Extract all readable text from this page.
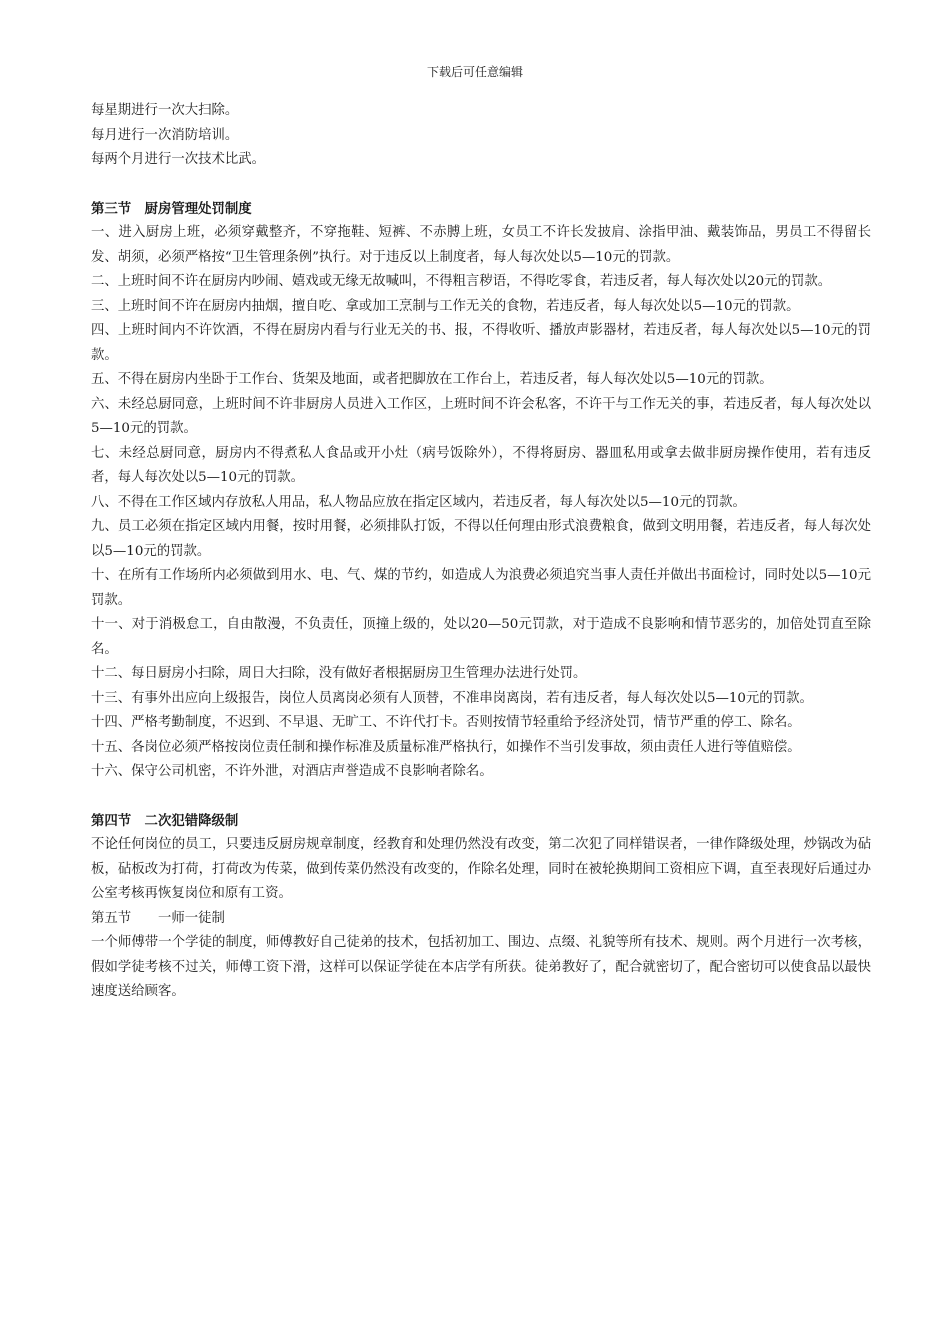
下载后可任意编辑

每星期进行一次大扫除。

每月进行一次消防培训。

每两个月进行一次技术比武。

第三节　厨房管理处罚制度

一、进入厨房上班，必须穿戴整齐，不穿拖鞋、短裤、不赤膊上班，女员工不许长发披肩、涂指甲油、戴装饰品，男员工不得留长发、胡须，必须严格按“卫生管理条例”执行。对于违反以上制度者，每人每次处以5—10元的罚款。

二、上班时间不许在厨房内吵闹、嬉戏或无缘无故喊叫，不得粗言秽语，不得吃零食，若违反者，每人每次处以20元的罚款。

三、上班时间不许在厨房内抽烟，擅自吃、拿或加工烹制与工作无关的食物，若违反者，每人每次处以5—10元的罚款。

四、上班时间内不许饮酒，不得在厨房内看与行业无关的书、报，不得收听、播放声影器材，若违反者，每人每次处以5—10元的罚款。

五、不得在厨房内坐卧于工作台、货架及地面，或者把脚放在工作台上，若违反者，每人每次处以5—10元的罚款。

六、未经总厨同意，上班时间不许非厨房人员进入工作区，上班时间不许会私客，不许干与工作无关的事，若违反者，每人每次处以5—10元的罚款。

七、未经总厨同意，厨房内不得煮私人食品或开小灶（病号饭除外），不得将厨房、器皿私用或拿去做非厨房操作使用，若有违反者，每人每次处以5—10元的罚款。

八、不得在工作区域内存放私人用品，私人物品应放在指定区域内，若违反者，每人每次处以5—10元的罚款。

九、员工必须在指定区域内用餐，按时用餐，必须排队打饭，不得以任何理由形式浪费粮食，做到文明用餐，若违反者，每人每次处以5—10元的罚款。

十、在所有工作场所内必须做到用水、电、气、煤的节约，如造成人为浪费必须追究当事人责任并做出书面检讨，同时处以5—10元罚款。

十一、对于消极怠工，自由散漫，不负责任，顶撞上级的，处以20—50元罚款，对于造成不良影响和情节恶劣的，加倍处罚直至除名。

十二、每日厨房小扫除，周日大扫除，没有做好者根据厨房卫生管理办法进行处罚。

十三、有事外出应向上级报告，岗位人员离岗必须有人顶替，不准串岗离岗，若有违反者，每人每次处以5—10元的罚款。

十四、严格考勤制度，不迟到、不早退、无旷工、不许代打卡。否则按情节轻重给予经济处罚，情节严重的停工、除名。

十五、各岗位必须严格按岗位责任制和操作标准及质量标准严格执行，如操作不当引发事故，须由责任人进行等值赔偿。

十六、保守公司机密，不许外泄，对酒店声誉造成不良影响者除名。

第四节　二次犯错降级制

不论任何岗位的员工，只要违反厨房规章制度，经教育和处理仍然没有改变，第二次犯了同样错误者，一律作降级处理，炒锅改为砧板，砧板改为打荷，打荷改为传菜，做到传菜仍然没有改变的，作除名处理，同时在被轮换期间工资相应下调，直至表现好后通过办公室考核再恢复岗位和原有工资。

第五节　　一师一徒制

一个师傅带一个学徒的制度，师傅教好自己徒弟的技术，包括初加工、围边、点缀、礼貌等所有技术、规则。两个月进行一次考核，假如学徒考核不过关，师傅工资下滑，这样可以保证学徒在本店学有所获。徒弟教好了，配合就密切了，配合密切可以使食品以最快速度送给顾客。
